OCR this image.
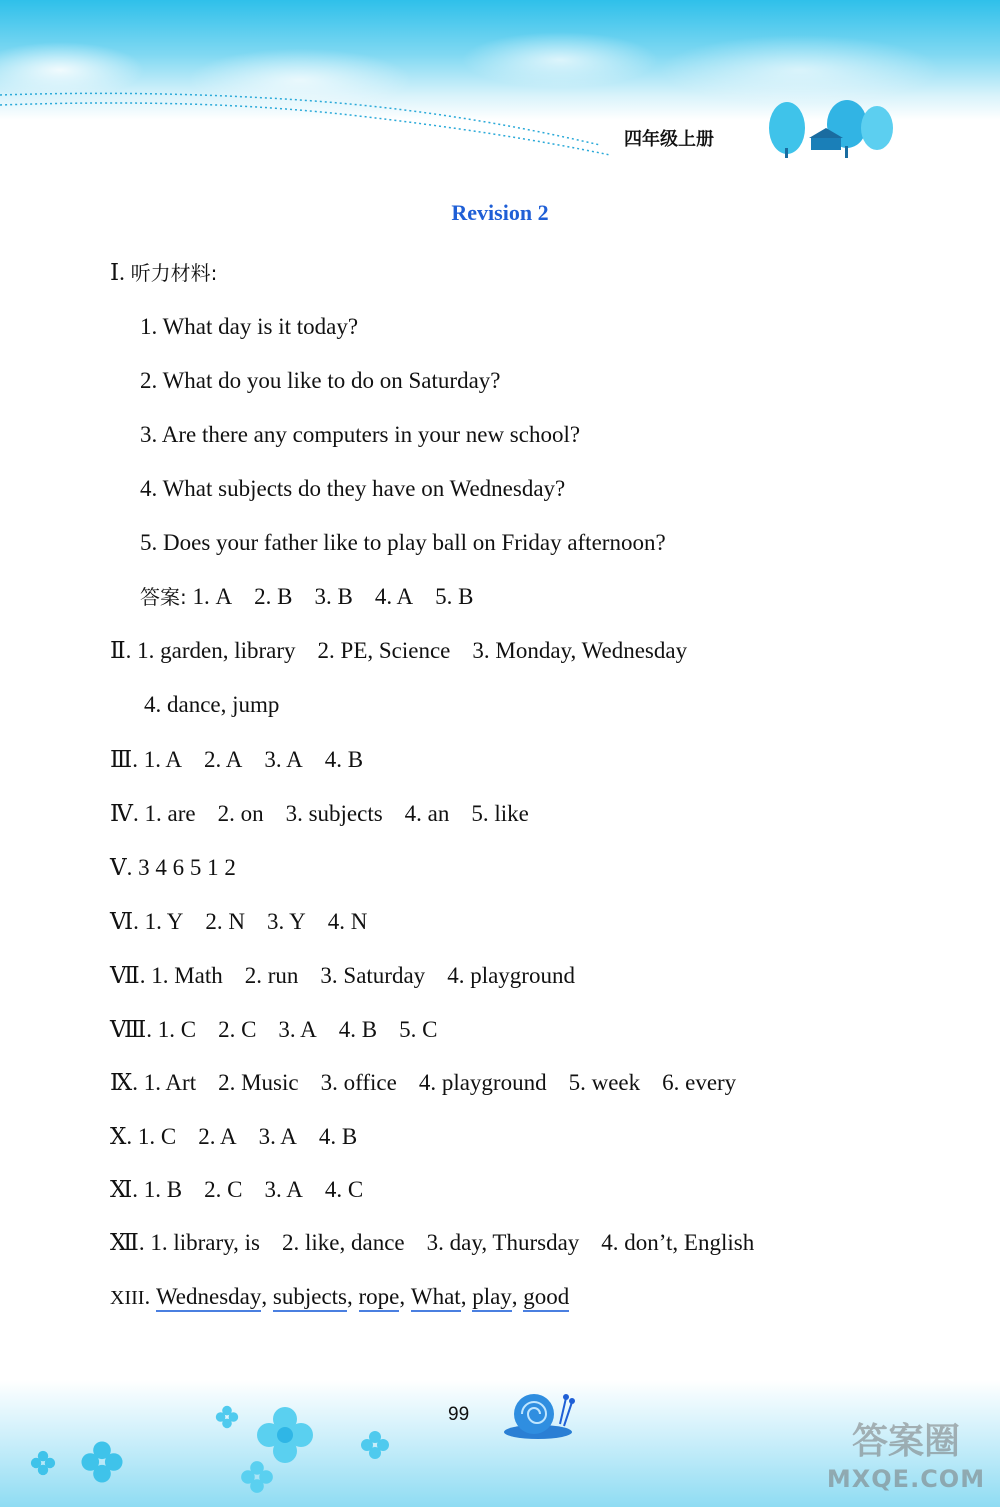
四年级上册
Revision 2
Ⅰ. 听力材料:
1. What day is it today?
2. What do you like to do on Saturday?
3. Are there any computers in your new school?
4. What subjects do they have on Wednesday?
5. Does your father like to play ball on Friday afternoon?
答案: 1. A 2. B 3. B 4. A 5. B
Ⅱ. 1. garden, library 2. PE, Science 3. Monday, Wednesday
4. dance, jump
Ⅲ. 1. A 2. A 3. A 4. B
Ⅳ. 1. are 2. on 3. subjects 4. an 5. like
Ⅴ. 3 4 6 5 1 2
Ⅵ. 1. Y 2. N 3. Y 4. N
Ⅶ. 1. Math 2. run 3. Saturday 4. playground
Ⅷ. 1. C 2. C 3. A 4. B 5. C
Ⅸ. 1. Art 2. Music 3. office 4. playground 5. week 6. every
Ⅹ. 1. C 2. A 3. A 4. B
Ⅺ. 1. B 2. C 3. A 4. C
Ⅻ. 1. library, is 2. like, dance 3. day, Thursday 4. don’t, English
XIII. Wednesday, subjects, rope, What, play, good
99
答案圈
MXQE.COM
